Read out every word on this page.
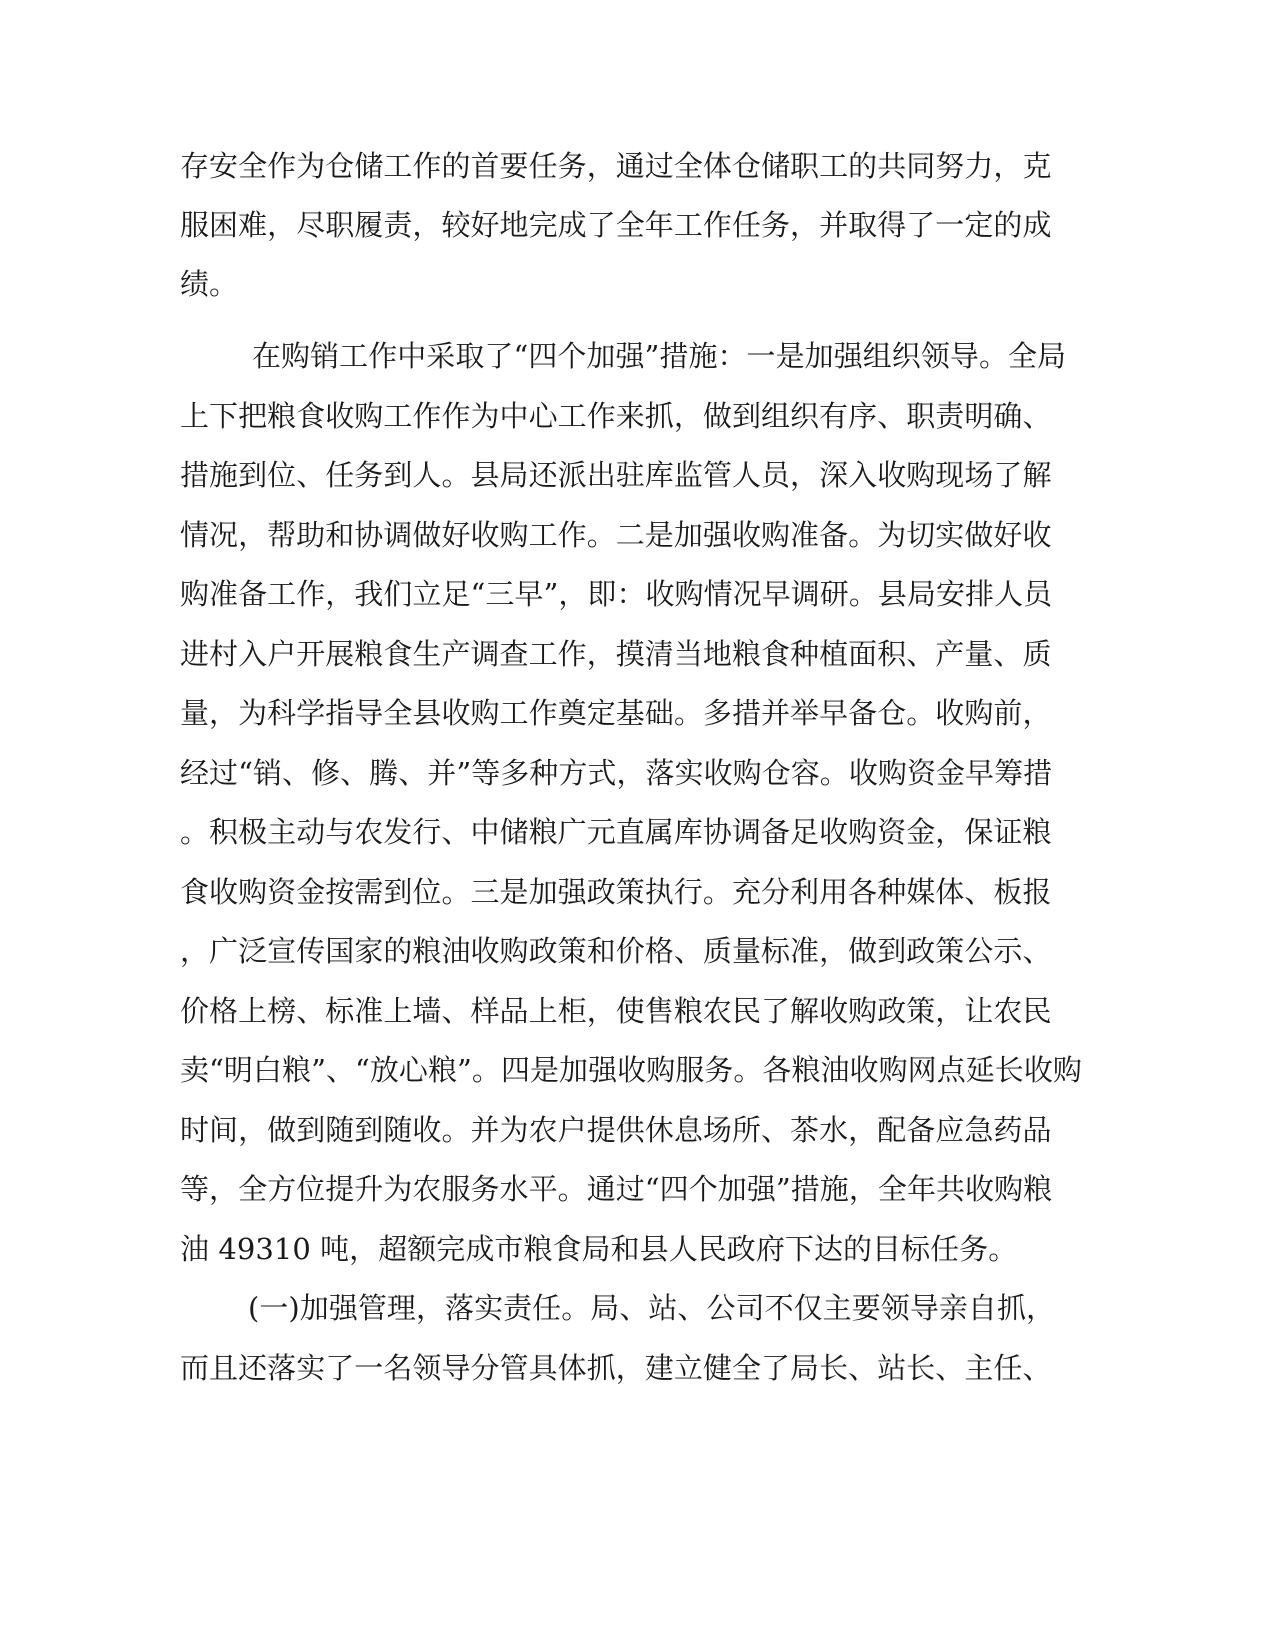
存安全作为仓储工作的首要任务，通过全体仓储职工的共同努力，克
服困难，尽职履责，较好地完成了全年工作任务，并取得了一定的成
绩。
在购销工作中采取了“四个加强”措施：一是加强组织领导。全局
上下把粮食收购工作作为中心工作来抓，做到组织有序、职责明确、
措施到位、任务到人。县局还派出驻库监管人员，深入收购现场了解
情况，帮助和协调做好收购工作。二是加强收购准备。为切实做好收
购准备工作，我们立足“三早”，即：收购情况早调研。县局安排人员
进村入户开展粮食生产调查工作，摸清当地粮食种植面积、产量、质
量，为科学指导全县收购工作奠定基础。多措并举早备仓。收购前，
经过“销、修、腾、并”等多种方式，落实收购仓容。收购资金早筹措
。积极主动与农发行、中储粮广元直属库协调备足收购资金，保证粮
食收购资金按需到位。三是加强政策执行。充分利用各种媒体、板报
，广泛宣传国家的粮油收购政策和价格、质量标准，做到政策公示、
价格上榜、标准上墙、样品上柜，使售粮农民了解收购政策，让农民
卖“明白粮”、“放心粮”。四是加强收购服务。各粮油收购网点延长收购
时间，做到随到随收。并为农户提供休息场所、茶水，配备应急药品
等，全方位提升为农服务水平。通过“四个加强”措施，全年共收购粮
油 49310 吨，超额完成市粮食局和县人民政府下达的目标任务。
(一)加强管理，落实责任。局、站、公司不仅主要领导亲自抓，
而且还落实了一名领导分管具体抓，建立健全了局长、站长、主任、
